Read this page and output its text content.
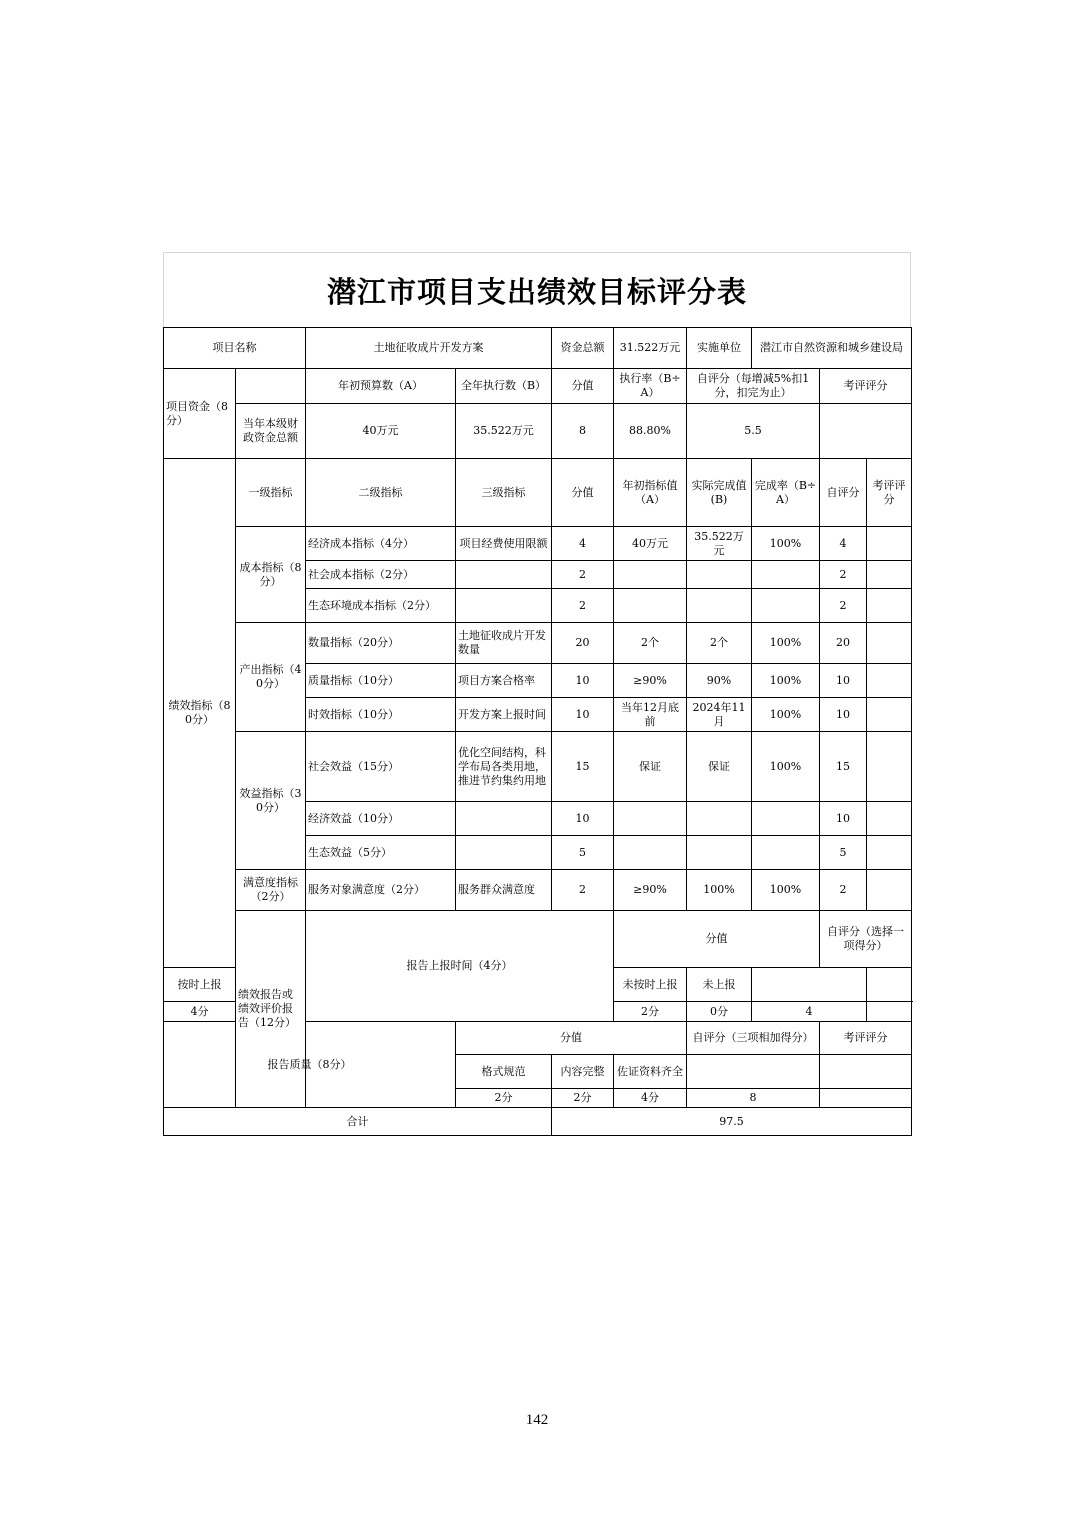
潜江市项目支出绩效目标评分表
项目名称		土地征收成片开发方案		资金总额	31.522万元	实施单位	潜江市自然资源和城乡建设局			
项目资金（8分）		年初预算数（A）	全年执行数（B）	分值	执行率（B÷A）	自评分（每增减5%扣1分，扣完为止）		考评评分		
	当年本级财政资金总额	40万元	35.522万元	8	88.80%	5.5				
绩效指标（80分）	一级指标	二级指标	三级指标	分值	年初指标值（A）	实际完成值(B)	完成率（B÷A）	自评分	考评评分	
	成本指标（8分）	经济成本指标（4分）	项目经费使用限额	4	40万元	35.522万元	100%	4		
		社会成本指标（2分）		2				2		
		生态环境成本指标（2分）		2				2		
	产出指标（40分）	数量指标（20分）	土地征收成片开发数量	20	2个	2个	100%	20		
		质量指标（10分）	项目方案合格率	10	≥90%	90%	100%	10		
		时效指标（10分）	开发方案上报时间	10	当年12月底前	2024年11月	100%	10		
	效益指标（30分）	社会效益（15分）	优化空间结构，科学布局各类用地，推进节约集约用地	15	保证	保证	100%	15		
		经济效益（10分）		10				10		
		生态效益（5分）		5				5		
	满意度指标（2分）	服务对象满意度（2分）	服务群众满意度	2	≥90%	100%	100%	2		
	绩效报告或绩效评价报告（12分）	报告上报时间（4分）			分值			自评分（选择一项得分）		
按时上报					未按时上报	未上报				
4分					2分	0分	4			
报告质量（8分）			分值			自评分（三项相加得分）		考评评分		
			格式规范	内容完整	佐证资料齐全					
			2分	2分	4分	8				
合计				97.5						
142
